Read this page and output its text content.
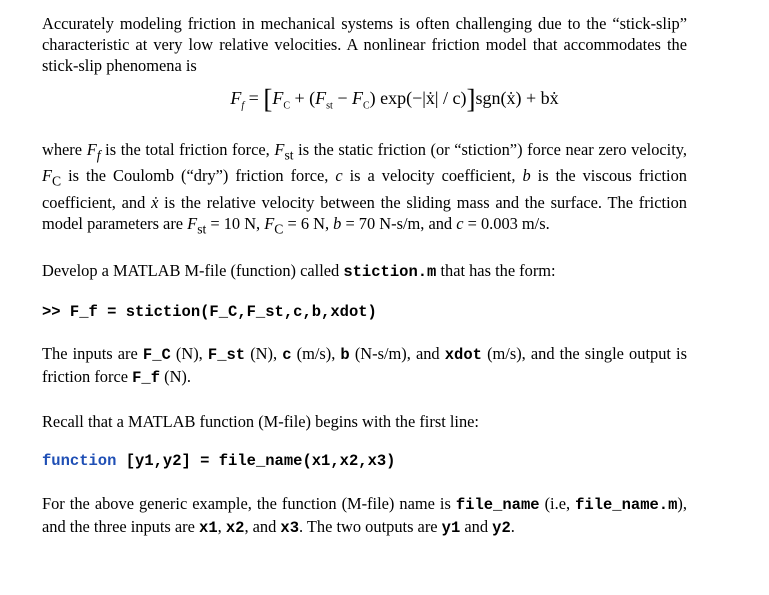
Accurately modeling friction in mechanical systems is often challenging due to the “stick-slip” characteristic at very low relative velocities. A nonlinear friction model that accommodates the stick-slip phenomena is

$F_f = [F_C + (F_{st} - F_C)$ exp(−|ẋ| / c)]sgn(ẋ) + bẋ

where $F_f$ is the total friction force, $F_{st}$ is the static friction (or “stiction”) force near zero velocity, $F_C$ is the Coulomb (“dry”) friction force, c is a velocity coefficient, b is the viscous friction coefficient, and ẋ is the relative velocity between the sliding mass and the surface. The friction model parameters are $F_{st} = 10$ N, $F_C = 6$ N, b = 70 N-s/m, and c = 0.003 m/s.

Develop a MATLAB M-file (function) called stiction.m that has the form:

>> F_f = stiction(F_C,F_st,c,b,xdot)

The inputs are F_C (N), F_st (N), c (m/s), b (N-s/m), and xdot (m/s), and the single output is friction force F_f (N).

Recall that a MATLAB function (M-file) begins with the first line:

function [y1,y2] = file_name(x1,x2,x3)

For the above generic example, the function (M-file) name is file_name (i.e, file_name.m), and the three inputs are x1, x2, and x3. The two outputs are y1 and y2.
